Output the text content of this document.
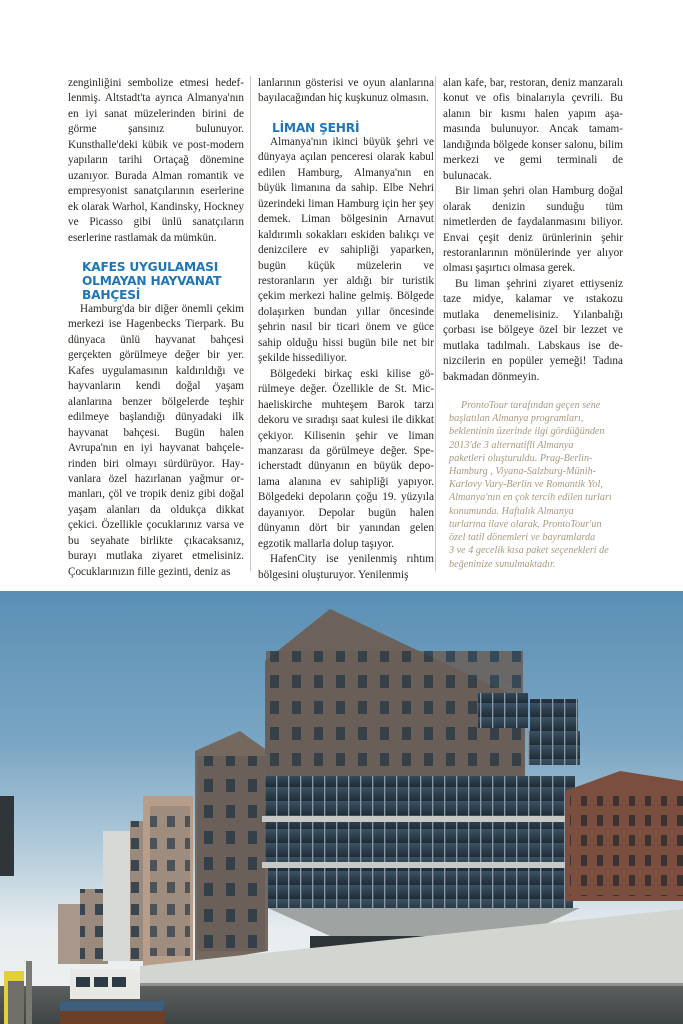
zenginliğini sembolize etmesi hedeflenmiş. Altstadt'ta ayrıca Almanya'nın en iyi sanat müzelerinden birini de görme şansınız bulunuyor. Kunsthalle'deki kübik ve post-modern yapıların tarihi Ortaçağ dönemine uzanıyor. Burada Alman romantik ve empresyonist sanatçılarının eserlerine ek olarak Warhol, Kandinsky, Hockney ve Picasso gibi ünlü sanatçıların eserlerine rastlamak da mümkün.

KAFES UYGULAMASI OLMAYAN HAYVANAT BAHÇESİ

Hamburg'da bir diğer önemli çekim merkezi ise Hagenbecks Tierpark. Bu dünyaca ünlü hayvanat bahçesi gerçekten görülmeye değer bir yer. Kafes uygulamasının kaldırıldığı ve hayvanların kendi doğal yaşam alanlarına benzer bölgelerde teşhir edilmeye başlandığı dünyadaki ilk hayvanat bahçesi. Bugün halen Avrupa'nın en iyi hayvanat bahçelerinden biri olmayı sürdürüyor. Hayvanlara özel hazırlanan yağmur ormanları, çöl ve tropik deniz gibi doğal yaşam alanları da oldukça dikkat çekici. Özellikle çocuklarınız varsa ve bu seyahate birlikte çıkacaksanız, burayı mutlaka ziyaret etmelisiniz. Çocuklarınızın fille gezinti, deniz as

lanlarının gösterisi ve oyun alanlarına bayılacağından hiç kuşkunuz olmasın.

LİMAN ŞEHRİ

Almanya'nın ikinci büyük şehri ve dünyaya açılan penceresi olarak kabul edilen Hamburg, Almanya'nın en büyük limanına da sahip. Elbe Nehri üzerindeki liman Hamburg için her şey demek. Liman bölgesinin Arnavut kaldırımlı sokakları eskiden balıkçı ve denizcilere ev sahipliği yaparken, bugün küçük müzelerin ve restoranların yer aldığı bir turistik çekim merkezi haline gelmiş. Bölgede dolaşırken bundan yıllar öncesinde şehrin nasıl bir ticari önem ve güce sahip olduğu hissi bugün bile net bir şekilde hissediliyor.

Bölgedeki birkaç eski kilise görülmeye değer. Özellikle de St. Michaeliskirche muhteşem Barok tarzı dekoru ve sıradışı saat kulesi ile dikkat çekiyor. Kilisenin şehir ve liman manzarası da görülmeye değer. Speicherstadt dünyanın en büyük depolama alanına ev sahipliği yapıyor. Bölgedeki depoların çoğu 19. yüzyıla dayanıyor. Depolar bugün halen dünyanın dört bir yanından gelen egzotik mallarla dolup taşıyor.

HafenCity ise yenilenmiş rıhtım bölgesini oluşturuyor. Yenilenmiş

alan kafe, bar, restoran, deniz manzaralı konut ve ofis binalarıyla çevrili. Bu alanın bir kısmı halen yapım aşamasında bulunuyor. Ancak tamamlandığında bölgede konser salonu, bilim merkezi ve gemi terminali de bulunacak.

Bir liman şehri olan Hamburg doğal olarak denizin sunduğu tüm nimetlerden de faydalanmasını biliyor. Envai çeşit deniz ürünlerinin şehir restoranlarının mönülerinde yer alıyor olması şaşırtıcı olmasa gerek.

Bu liman şehrini ziyaret ettiyseniz taze midye, kalamar ve ıstakozu mutlaka denemelisiniz. Yılanbalığı çorbası ise bölgeye özel bir lezzet ve mutlaka tadılmalı. Labskaus ise denizcilerin en popüler yemeği! Tadına bakmadan dönmeyin.

ProntoTour tarafından geçen sene

başlatılan Almanya programları,

beklentinin üzerinde ilgi gördüğünden

2013'de 3 alternatifli Almanya

paketleri oluşturuldu. Prag-Berlin-

Hamburg , Viyana-Salzburg-Münih-

Karlovy Vary-Berlin ve Romantik Yol,

Almanya'nın en çok tercih edilen turları

konumunda. Haftalık Almanya

turlarına ilave olarak, ProntoTour'un

özel tatil dönemleri ve bayramlarda

3 ve 4 gecelik kısa paket seçenekleri de

beğeninize sunulmaktadır.
